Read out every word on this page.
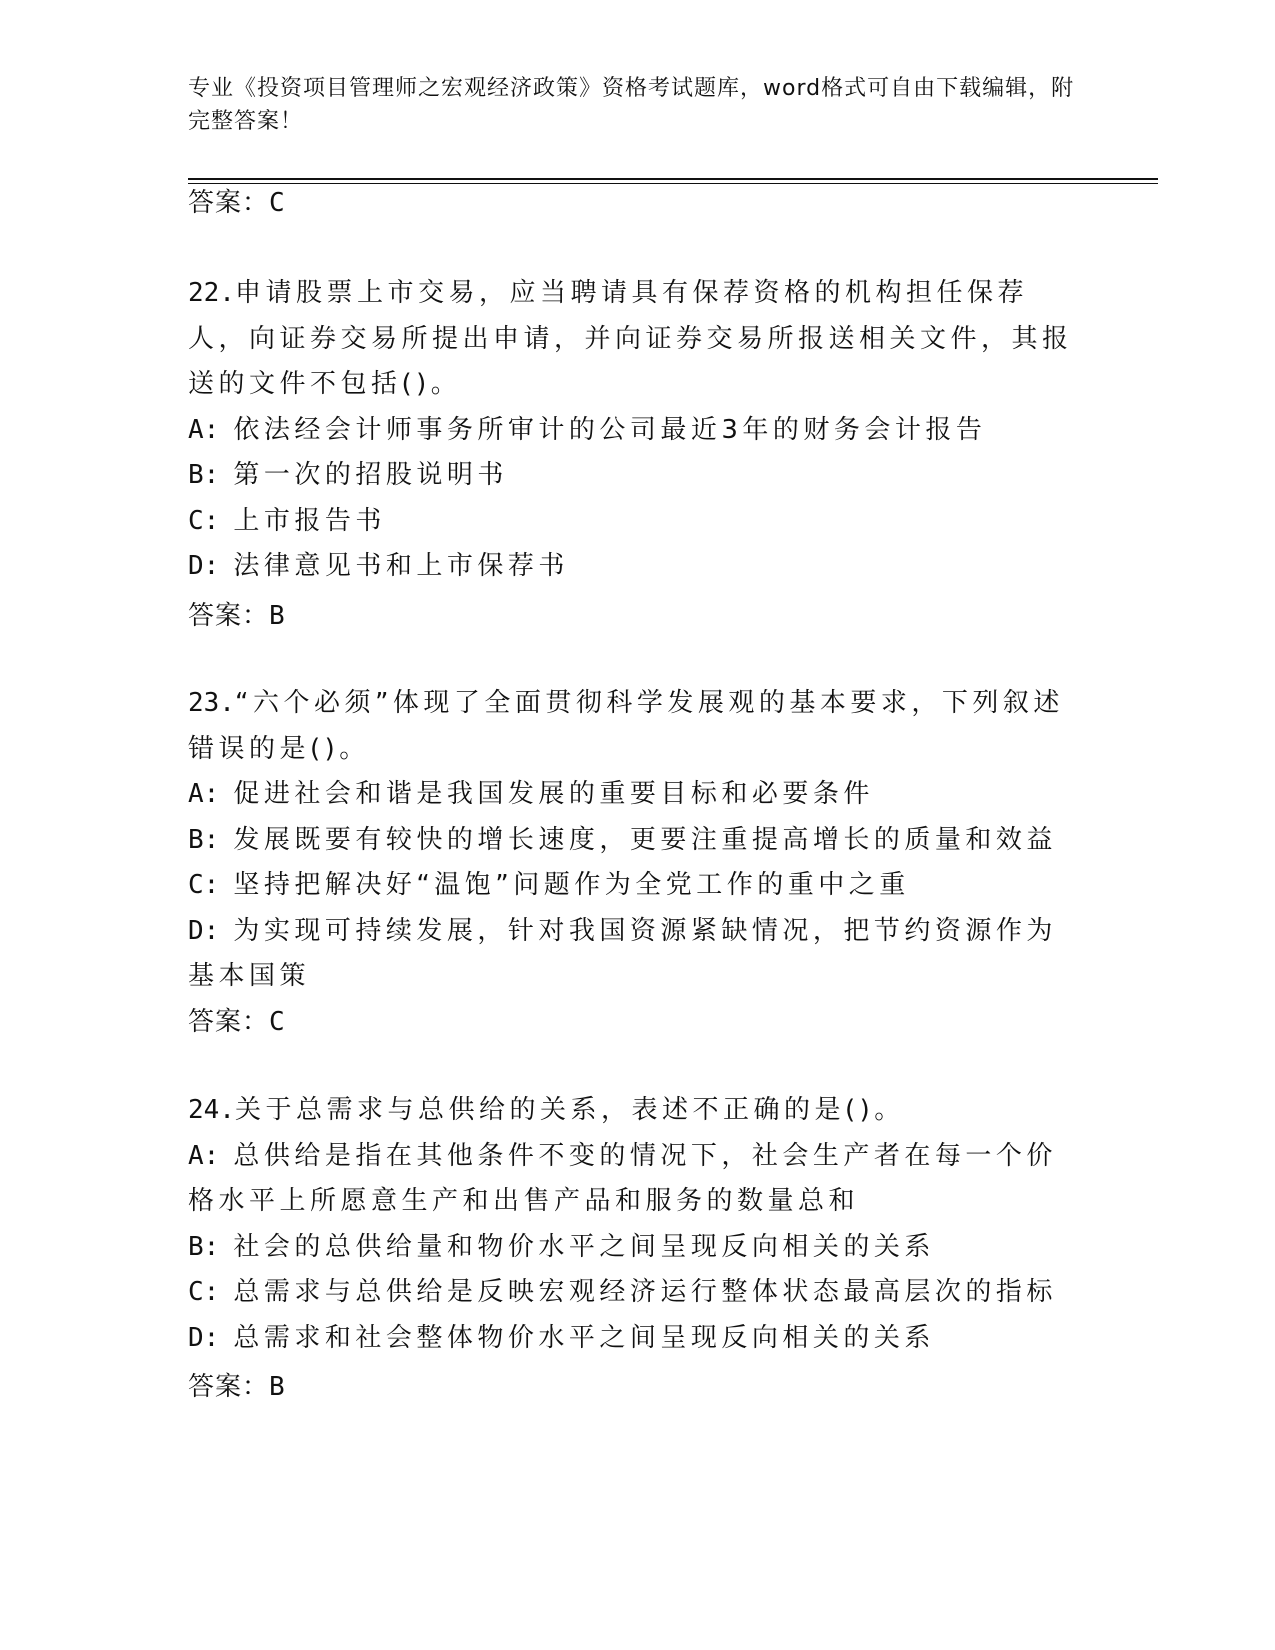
专业《投资项目管理师之宏观经济政策》资格考试题库，word格式可自由下载编辑，附完整答案！
答案：C
22.申请股票上市交易，应当聘请具有保荐资格的机构担任保荐人，向证券交易所提出申请，并向证券交易所报送相关文件，其报送的文件不包括()。
A: 依法经会计师事务所审计的公司最近3年的财务会计报告
B: 第一次的招股说明书
C: 上市报告书
D: 法律意见书和上市保荐书
答案：B
23.“六个必须”体现了全面贯彻科学发展观的基本要求，下列叙述错误的是()。
A: 促进社会和谐是我国发展的重要目标和必要条件
B: 发展既要有较快的增长速度，更要注重提高增长的质量和效益
C: 坚持把解决好“温饱”问题作为全党工作的重中之重
D: 为实现可持续发展，针对我国资源紧缺情况，把节约资源作为基本国策
答案：C
24.关于总需求与总供给的关系，表述不正确的是()。
A: 总供给是指在其他条件不变的情况下，社会生产者在每一个价格水平上所愿意生产和出售产品和服务的数量总和
B: 社会的总供给量和物价水平之间呈现反向相关的关系
C: 总需求与总供给是反映宏观经济运行整体状态最高层次的指标
D: 总需求和社会整体物价水平之间呈现反向相关的关系
答案：B
